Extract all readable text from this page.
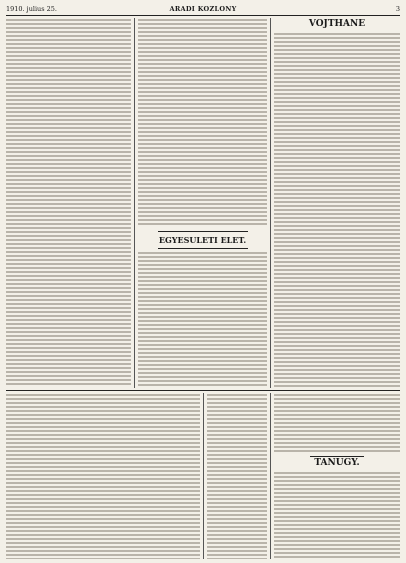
1910. julius 25.	ARADI KOZLONY	3
EGYESULETI ELET.
VOJTHANE
TANUGY.
